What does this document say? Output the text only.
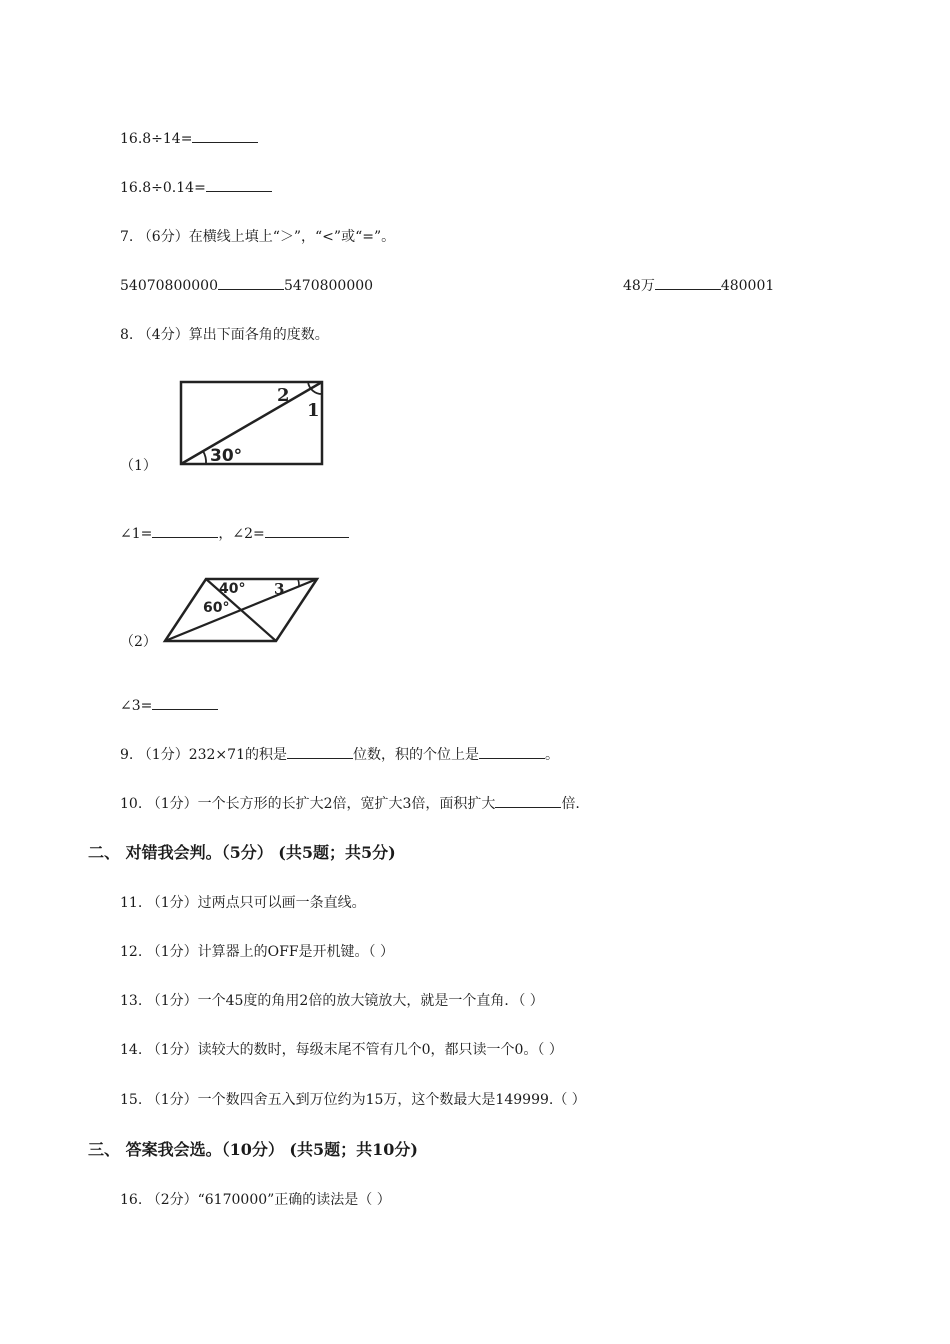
16.8÷14=
16.8÷0.14=
7. （6分）在横线上填上“＞”，“<”或“=”。
54070800000	5470800000	48万	480001
8. （4分）算出下面各角的度数。
（1）	30°
2
1
∠1=	，∠2=
（2）
40°
60°
3
∠3=
9. （1分）232×71的积是	位数，积的个位上是	。
10. （1分）一个长方形的长扩大2倍，宽扩大3倍，面积扩大	倍.
二、 对错我会判。（5分） (共5题；共5分)
11. （1分）过两点只可以画一条直线。
12. （1分）计算器上的OFF是开机键。（ ）
13. （1分）一个45度的角用2倍的放大镜放大，就是一个直角．（ ）
14. （1分）读较大的数时，每级末尾不管有几个0，都只读一个0。（ ）
15. （1分）一个数四舍五入到万位约为15万，这个数最大是149999.（ ）
三、 答案我会选。（10分） (共5题；共10分)
16. （2分）“6170000”正确的读法是（ ）
